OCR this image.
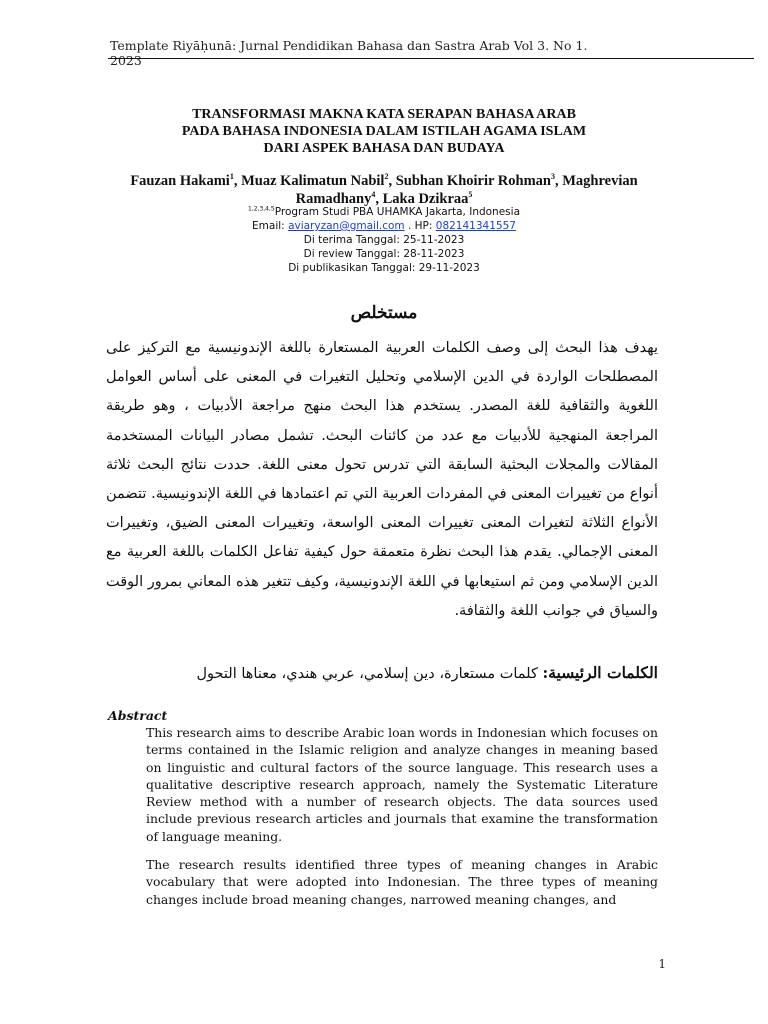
Template Riyāḥunā: Jurnal Pendidikan Bahasa dan Sastra Arab Vol 3. No 1. 2023
TRANSFORMASI MAKNA KATA SERAPAN BAHASA ARAB
PADA BAHASA INDONESIA DALAM ISTILAH AGAMA ISLAM
DARI ASPEK BAHASA DAN BUDAYA
Fauzan Hakami$^1$, Muaz Kalimatun Nabil$^2$, Subhan Khoirir Rohman$^3$, Maghrevian Ramadhany$^4$, Laka Dzikraa$^5$
$^{1,2,3,4,5}$Program Studi PBA UHAMKA Jakarta, Indonesia
Email: aviaryzan@gmail.com . HP: 082141341557
Di terima Tanggal: 25-11-2023
Di review Tanggal: 28-11-2023
Di publikasikan Tanggal: 29-11-2023
مستخلص
يهدف هذا البحث إلى وصف الكلمات العربية المستعارة باللغة الإندونيسية مع التركيز على المصطلحات الواردة في الدين الإسلامي وتحليل التغيرات في المعنى على أساس العوامل اللغوية والثقافية للغة المصدر. يستخدم هذا البحث منهج مراجعة الأدبيات ، وهو طريقة المراجعة المنهجية للأدبيات مع عدد من كائنات البحث. تشمل مصادر البيانات المستخدمة المقالات والمجلات البحثية السابقة التي تدرس تحول معنى اللغة. حددت نتائج البحث ثلاثة أنواع من تغييرات المعنى في المفردات العربية التي تم اعتمادها في اللغة الإندونيسية. تتضمن الأنواع الثلاثة لتغيرات المعنى تغييرات المعنى الواسعة، وتغييرات المعنى الضيق، وتغييرات المعنى الإجمالي. يقدم هذا البحث نظرة متعمقة حول كيفية تفاعل الكلمات باللغة العربية مع الدين الإسلامي ومن ثم استيعابها في اللغة الإندونيسية، وكيف تتغير هذه المعاني بمرور الوقت والسياق في جوانب اللغة والثقافة.
الكلمات الرئيسية: كلمات مستعارة، دين إسلامي، عربي هندي، معناها التحول
Abstract
This research aims to describe Arabic loan words in Indonesian which focuses on terms contained in the Islamic religion and analyze changes in meaning based on linguistic and cultural factors of the source language. This research uses a qualitative descriptive research approach, namely the Systematic Literature Review method with a number of research objects. The data sources used include previous research articles and journals that examine the transformation of language meaning.
The research results identified three types of meaning changes in Arabic vocabulary that were adopted into Indonesian. The three types of meaning changes include broad meaning changes, narrowed meaning changes, and
1
